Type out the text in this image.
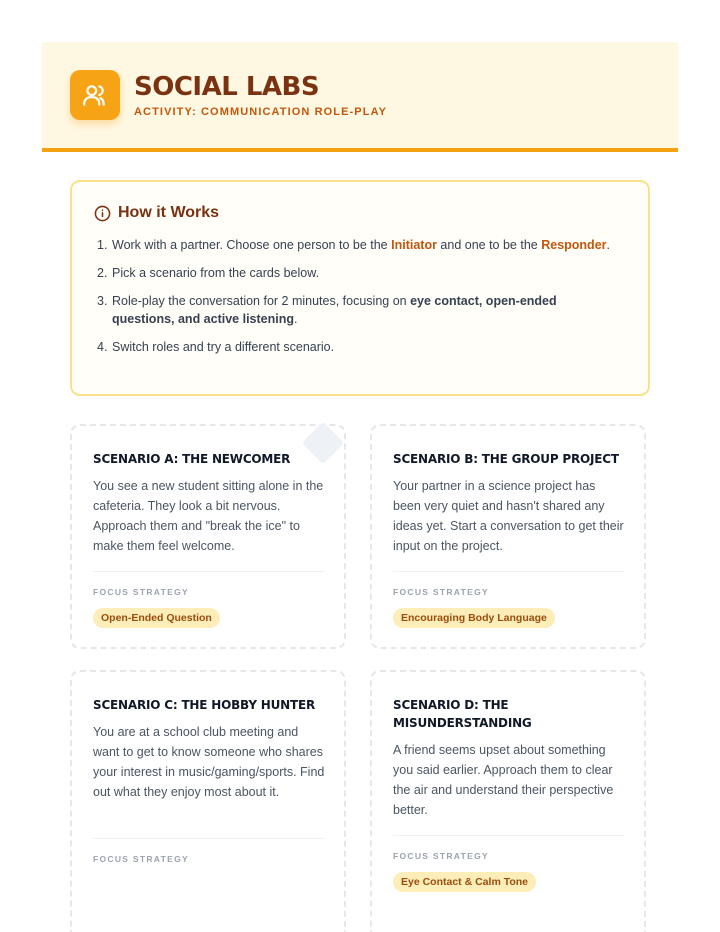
SOCIAL LABS
ACTIVITY: COMMUNICATION ROLE-PLAY
How it Works
1. Work with a partner. Choose one person to be the Initiator and one to be the Responder.
2. Pick a scenario from the cards below.
3. Role-play the conversation for 2 minutes, focusing on eye contact, open-ended questions, and active listening.
4. Switch roles and try a different scenario.
SCENARIO A: THE NEWCOMER
You see a new student sitting alone in the cafeteria. They look a bit nervous. Approach them and "break the ice" to make them feel welcome.
FOCUS STRATEGY
Open-Ended Question
SCENARIO B: THE GROUP PROJECT
Your partner in a science project has been very quiet and hasn't shared any ideas yet. Start a conversation to get their input on the project.
FOCUS STRATEGY
Encouraging Body Language
SCENARIO C: THE HOBBY HUNTER
You are at a school club meeting and want to get to know someone who shares your interest in music/gaming/sports. Find out what they enjoy most about it.
FOCUS STRATEGY
SCENARIO D: THE MISUNDERSTANDING
A friend seems upset about something you said earlier. Approach them to clear the air and understand their perspective better.
FOCUS STRATEGY
Eye Contact & Calm Tone
